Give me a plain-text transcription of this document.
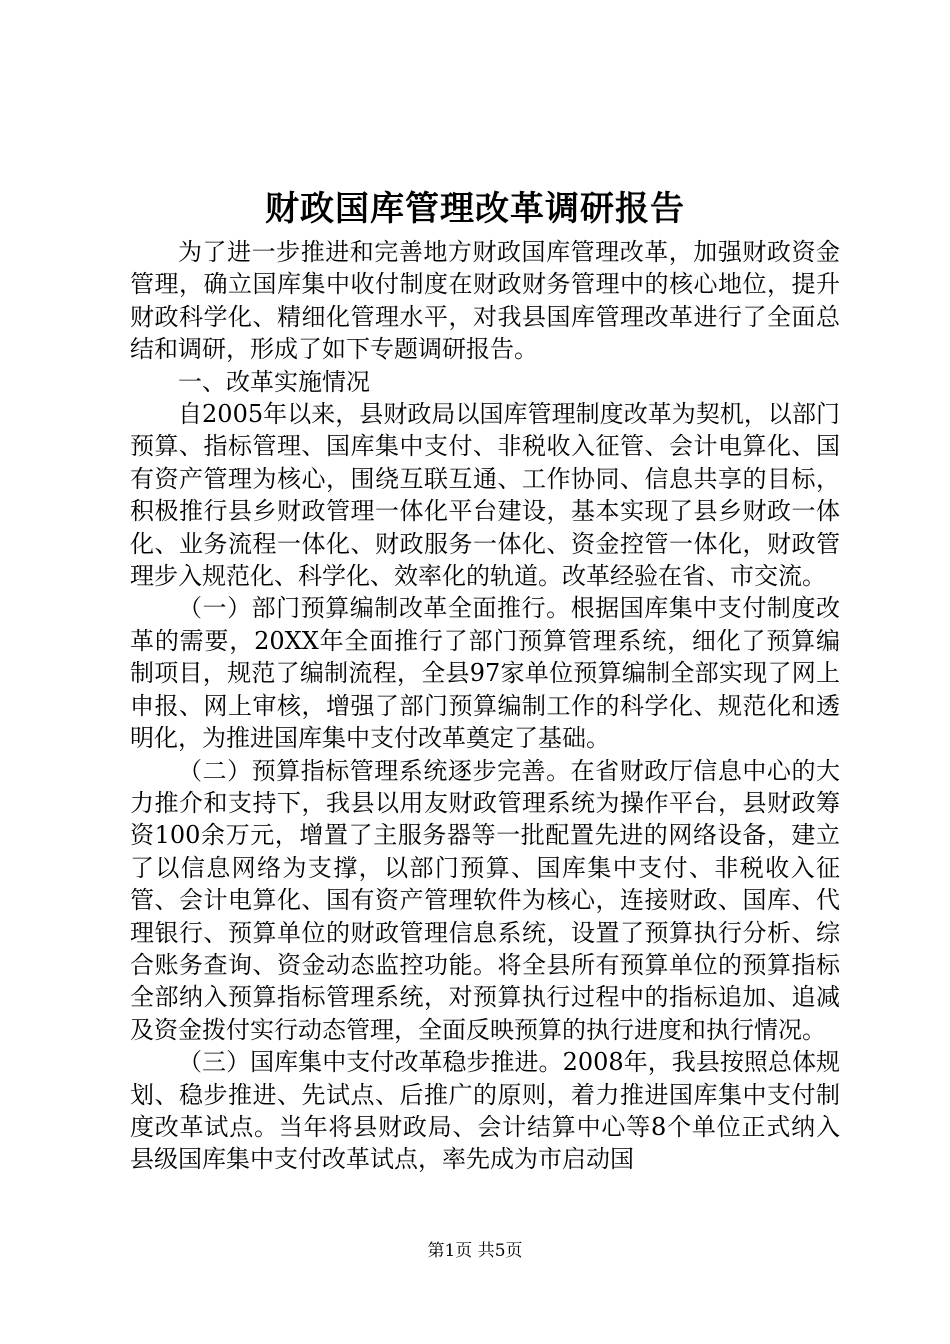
财政国库管理改革调研报告

为了进一步推进和完善地方财政国库管理改革，加强财政资金管理，确立国库集中收付制度在财政财务管理中的核心地位，提升财政科学化、精细化管理水平，对我县国库管理改革进行了全面总结和调研，形成了如下专题调研报告。

一、改革实施情况

自2005年以来，县财政局以国库管理制度改革为契机，以部门预算、指标管理、国库集中支付、非税收入征管、会计电算化、国有资产管理为核心，围绕互联互通、工作协同、信息共享的目标，积极推行县乡财政管理一体化平台建设，基本实现了县乡财政一体化、业务流程一体化、财政服务一体化、资金控管一体化，财政管理步入规范化、科学化、效率化的轨道。改革经验在省、市交流。

（一）部门预算编制改革全面推行。根据国库集中支付制度改革的需要，20XX年全面推行了部门预算管理系统，细化了预算编制项目，规范了编制流程，全县97家单位预算编制全部实现了网上申报、网上审核，增强了部门预算编制工作的科学化、规范化和透明化，为推进国库集中支付改革奠定了基础。

（二）预算指标管理系统逐步完善。在省财政厅信息中心的大力推介和支持下，我县以用友财政管理系统为操作平台，县财政筹资100余万元，增置了主服务器等一批配置先进的网络设备，建立了以信息网络为支撑，以部门预算、国库集中支付、非税收入征管、会计电算化、国有资产管理软件为核心，连接财政、国库、代理银行、预算单位的财政管理信息系统，设置了预算执行分析、综合账务查询、资金动态监控功能。将全县所有预算单位的预算指标全部纳入预算指标管理系统，对预算执行过程中的指标追加、追减及资金拨付实行动态管理，全面反映预算的执行进度和执行情况。

（三）国库集中支付改革稳步推进。2008年，我县按照总体规划、稳步推进、先试点、后推广的原则，着力推进国库集中支付制度改革试点。当年将县财政局、会计结算中心等8个单位正式纳入县级国库集中支付改革试点，率先成为市启动国

第1页 共5页
